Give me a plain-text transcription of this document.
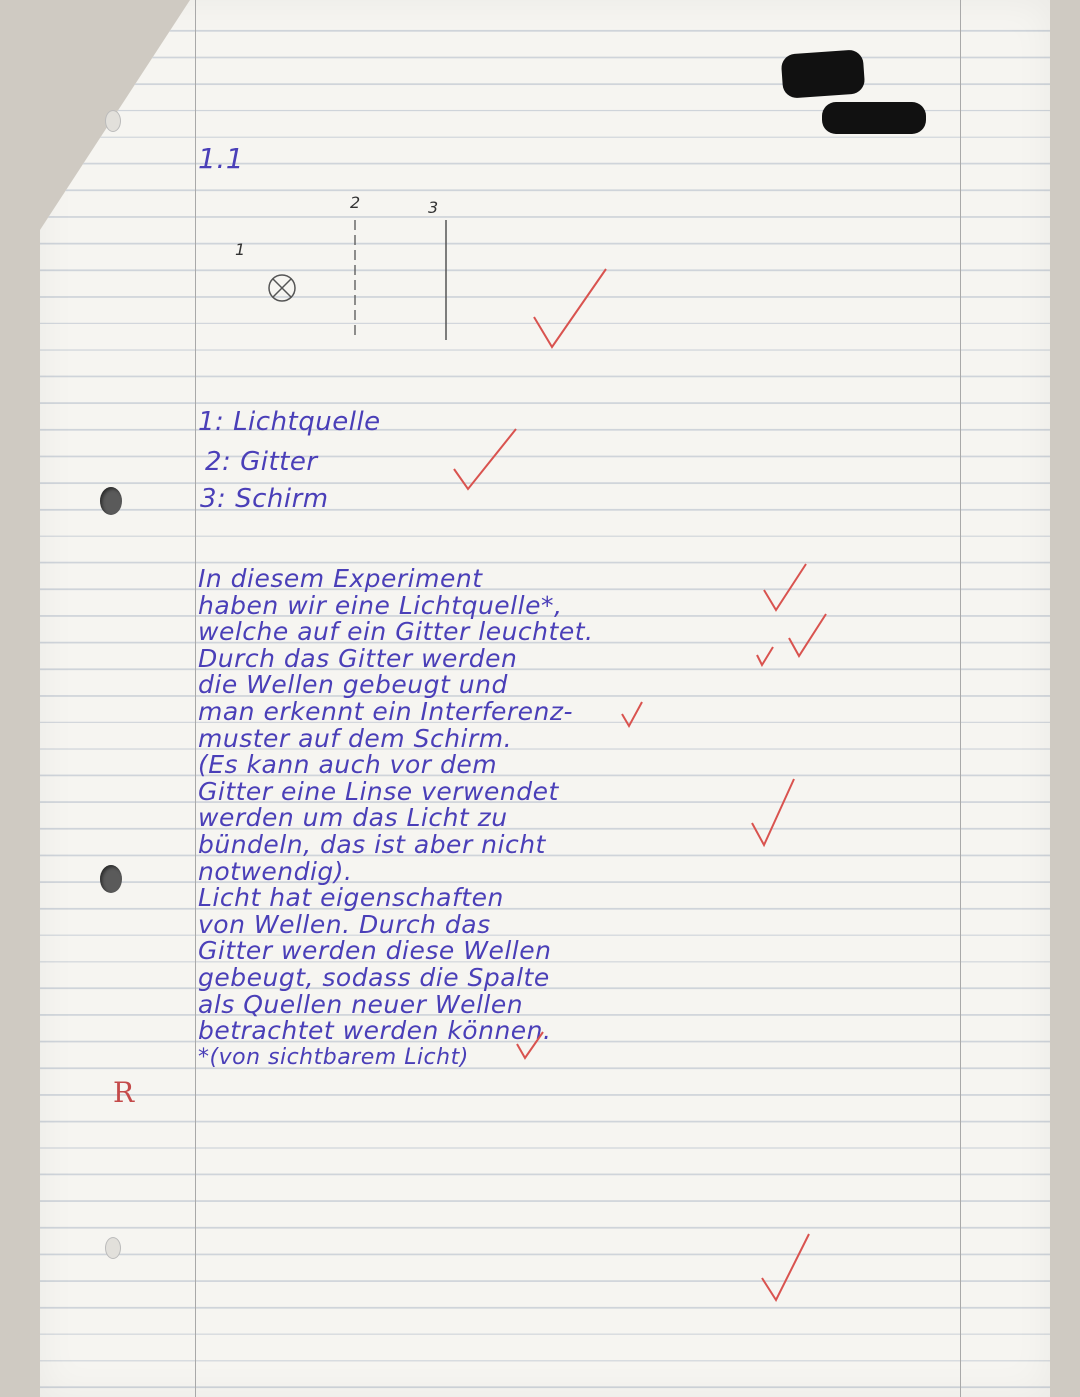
1.1
1
2	3
1: Lichtquelle
2: Gitter
3: Schirm
In diesem Experiment
haben wir eine Lichtquelle*,
welche auf ein Gitter leuchtet.
Durch das Gitter werden
die Wellen gebeugt und
man erkennt ein Interferenz-
muster auf dem Schirm.
(Es kann auch vor dem
Gitter eine Linse verwendet
werden um das Licht zu
bündeln, das ist aber nicht
notwendig).
Licht hat eigenschaften
von Wellen. Durch das
Gitter werden diese Wellen
gebeugt, sodass die Spalte
als Quellen neuer Wellen
betrachtet werden können.
*(von sichtbarem Licht)
R
